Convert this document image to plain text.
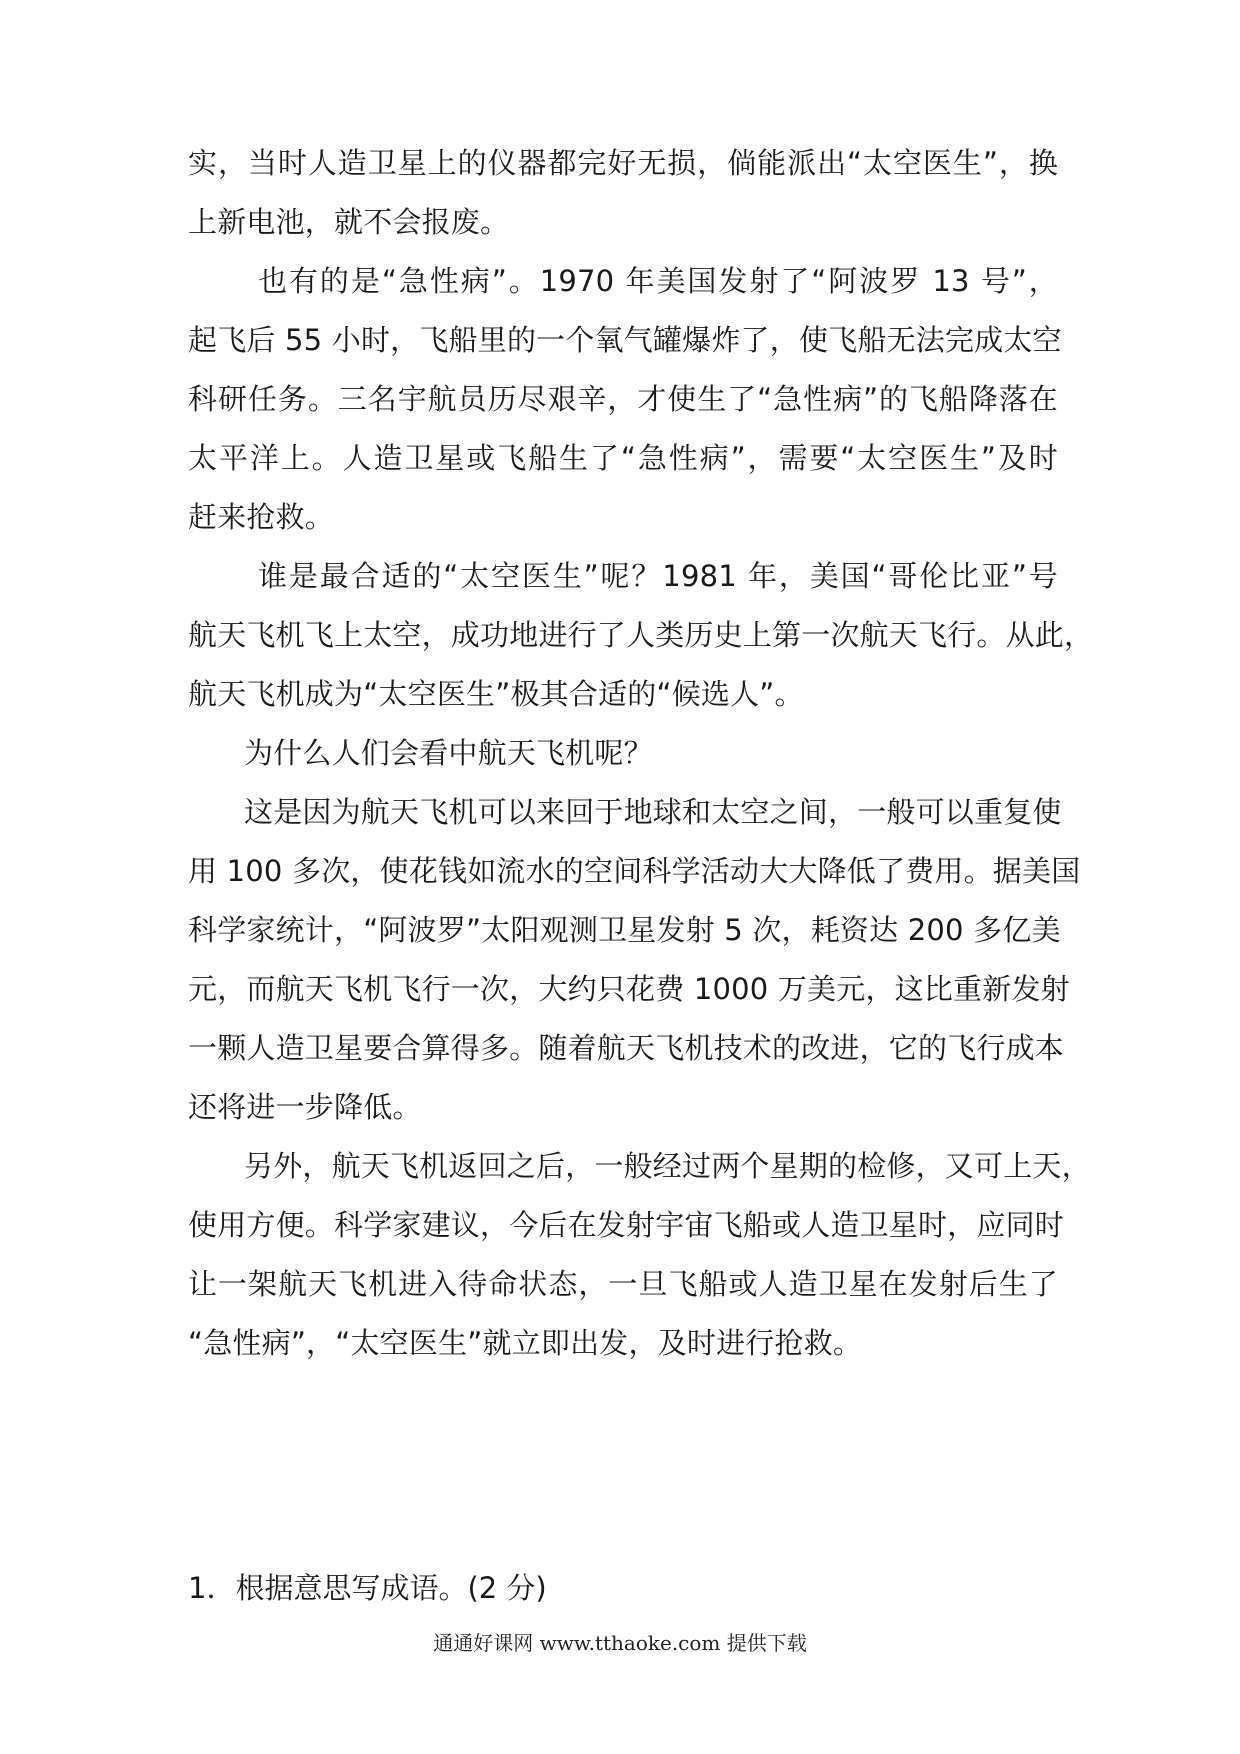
实，当时人造卫星上的仪器都完好无损，倘能派出“太空医生”，换
上新电池，就不会报废。
也有的是“急性病”。1970 年美国发射了“阿波罗 13 号”，
起飞后 55 小时，飞船里的一个氧气罐爆炸了，使飞船无法完成太空
科研任务。三名宇航员历尽艰辛，才使生了“急性病”的飞船降落在
太平洋上。人造卫星或飞船生了“急性病”，需要“太空医生”及时
赶来抢救。
谁是最合适的“太空医生”呢？1981 年，美国“哥伦比亚”号
航天飞机飞上太空，成功地进行了人类历史上第一次航天飞行。从此，
航天飞机成为“太空医生”极其合适的“候选人”。
为什么人们会看中航天飞机呢？
这是因为航天飞机可以来回于地球和太空之间，一般可以重复使
用 100 多次，使花钱如流水的空间科学活动大大降低了费用。据美国
科学家统计，“阿波罗”太阳观测卫星发射 5 次，耗资达 200 多亿美
元，而航天飞机飞行一次，大约只花费 1000 万美元，这比重新发射
一颗人造卫星要合算得多。随着航天飞机技术的改进，它的飞行成本
还将进一步降低。
另外，航天飞机返回之后，一般经过两个星期的检修，又可上天，
使用方便。科学家建议，今后在发射宇宙飞船或人造卫星时，应同时
让一架航天飞机进入待命状态，一旦飞船或人造卫星在发射后生了
“急性病”，“太空医生”就立即出发，及时进行抢救。
1．根据意思写成语。(2 分)
通通好课网 www.tthaoke.com 提供下载
